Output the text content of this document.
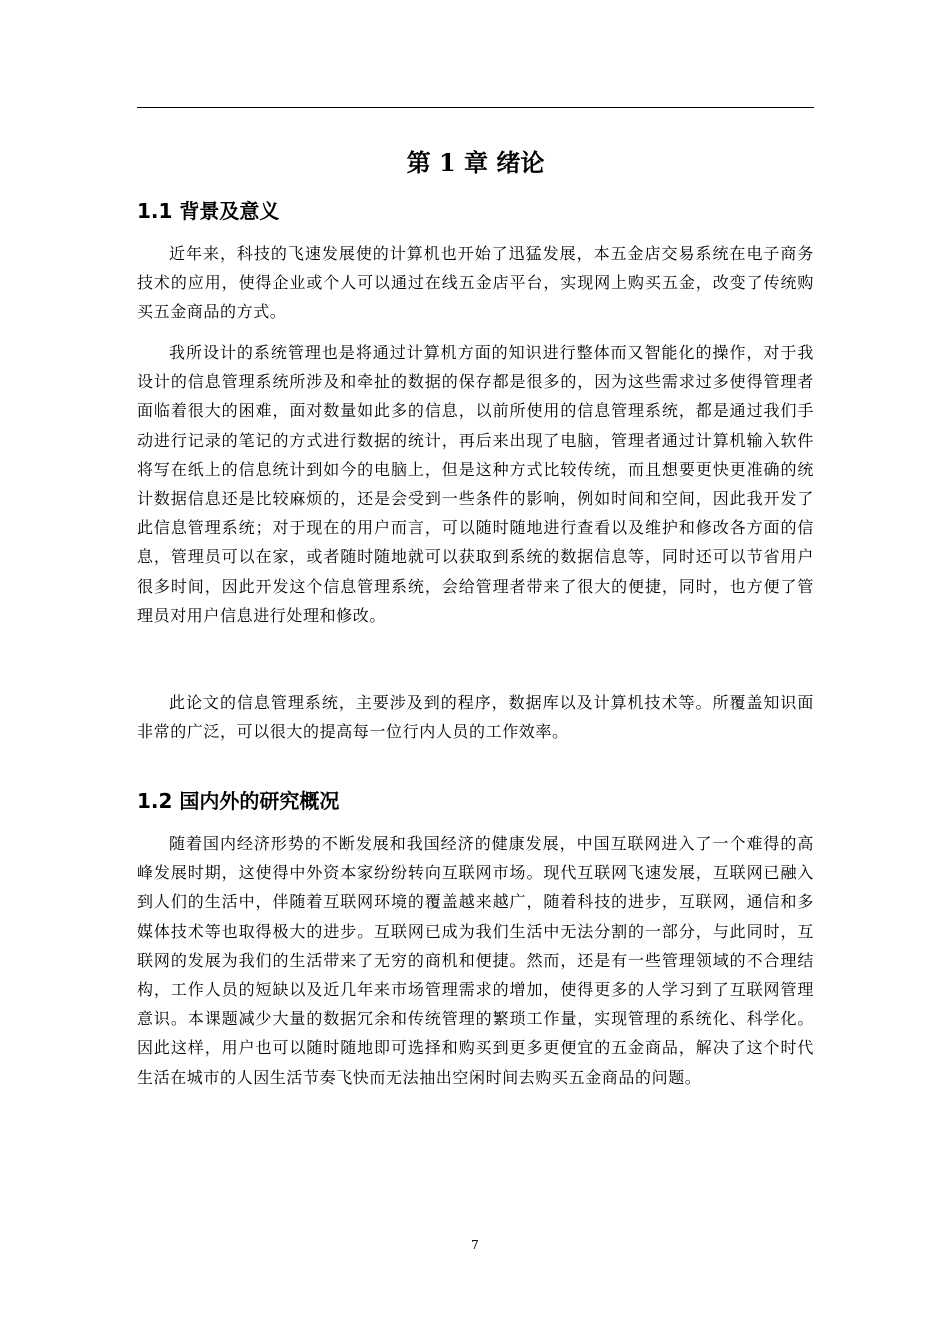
第 1 章 绪论
1.1 背景及意义
近年来，科技的飞速发展使的计算机也开始了迅猛发展，本五金店交易系统在电子商务技术的应用，使得企业或个人可以通过在线五金店平台，实现网上购买五金，改变了传统购买五金商品的方式。
我所设计的系统管理也是将通过计算机方面的知识进行整体而又智能化的操作，对于我设计的信息管理系统所涉及和牵扯的数据的保存都是很多的，因为这些需求过多使得管理者面临着很大的困难，面对数量如此多的信息，以前所使用的信息管理系统，都是通过我们手动进行记录的笔记的方式进行数据的统计，再后来出现了电脑，管理者通过计算机输入软件将写在纸上的信息统计到如今的电脑上，但是这种方式比较传统，而且想要更快更准确的统计数据信息还是比较麻烦的，还是会受到一些条件的影响，例如时间和空间，因此我开发了此信息管理系统；对于现在的用户而言，可以随时随地进行查看以及维护和修改各方面的信息，管理员可以在家，或者随时随地就可以获取到系统的数据信息等，同时还可以节省用户很多时间，因此开发这个信息管理系统，会给管理者带来了很大的便捷，同时，也方便了管理员对用户信息进行处理和修改。
此论文的信息管理系统，主要涉及到的程序，数据库以及计算机技术等。所覆盖知识面非常的广泛，可以很大的提高每一位行内人员的工作效率。
1.2 国内外的研究概况
随着国内经济形势的不断发展和我国经济的健康发展，中国互联网进入了一个难得的高峰发展时期，这使得中外资本家纷纷转向互联网市场。现代互联网飞速发展，互联网已融入到人们的生活中，伴随着互联网环境的覆盖越来越广，随着科技的进步，互联网，通信和多媒体技术等也取得极大的进步。互联网已成为我们生活中无法分割的一部分，与此同时，互联网的发展为我们的生活带来了无穷的商机和便捷。然而，还是有一些管理领域的不合理结构，工作人员的短缺以及近几年来市场管理需求的增加，使得更多的人学习到了互联网管理意识。本课题减少大量的数据冗余和传统管理的繁琐工作量，实现管理的系统化、科学化。因此这样，用户也可以随时随地即可选择和购买到更多更便宜的五金商品，解决了这个时代生活在城市的人因生活节奏飞快而无法抽出空闲时间去购买五金商品的问题。
7
